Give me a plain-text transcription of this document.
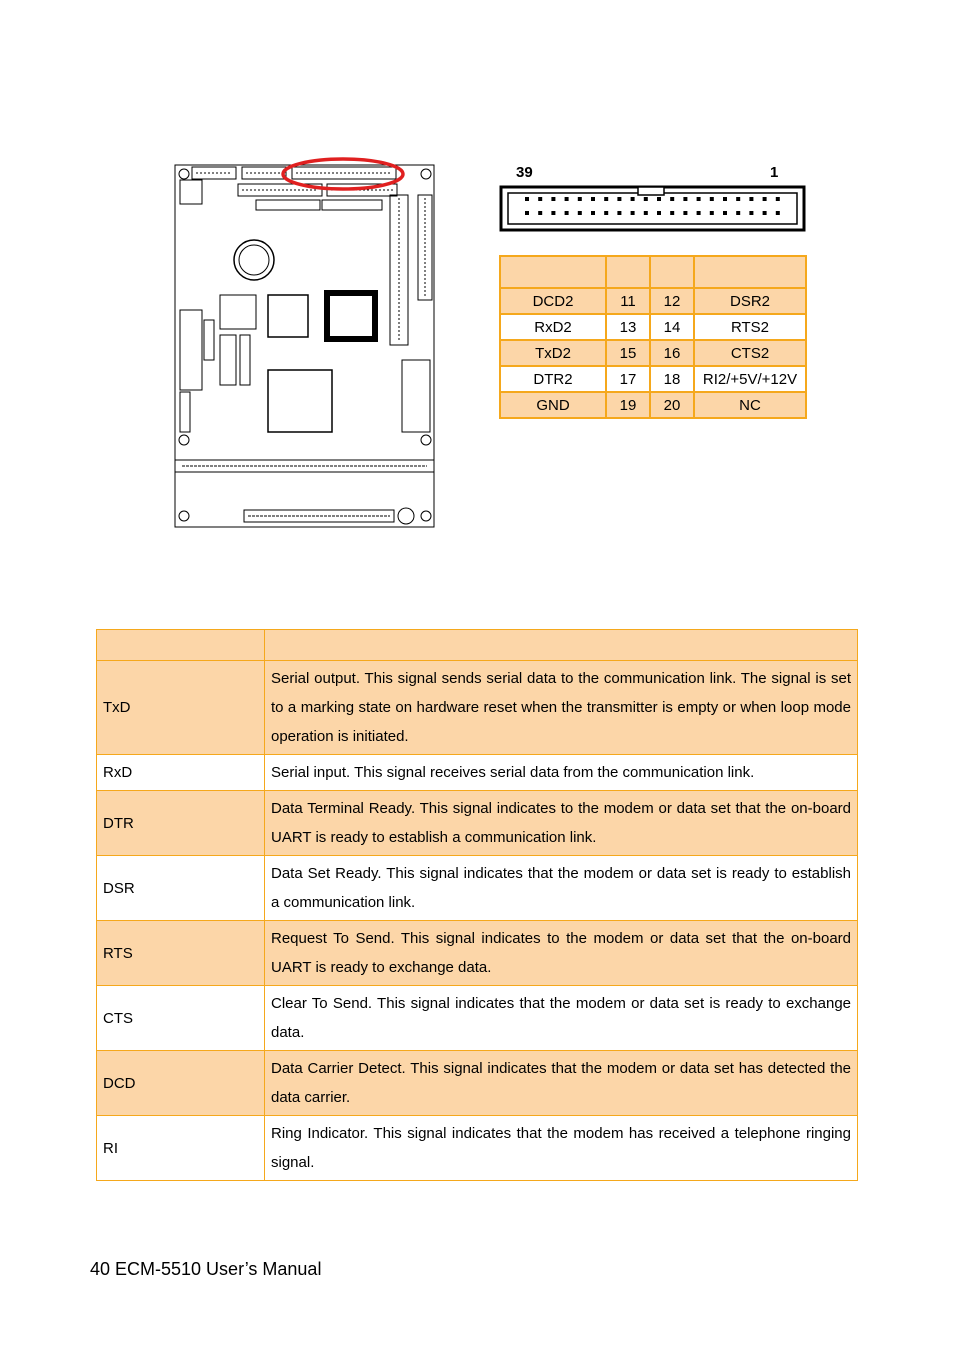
39	1

DCD2	11	12	DSR2
RxD2	13	14	RTS2
TxD2	15	16	CTS2
DTR2	17	18	RI2/+5V/+12V
GND	19	20	NC

TxD	Serial output. This signal sends serial data to the communication link. The signal is set to a marking state on hardware reset when the transmitter is empty or when loop mode operation is initiated.
RxD	Serial input. This signal receives serial data from the communication link.
DTR	Data Terminal Ready. This signal indicates to the modem or data set that the on-board UART is ready to establish a communication link.
DSR	Data Set Ready. This signal indicates that the modem or data set is ready to establish a communication link.
RTS	Request To Send. This signal indicates to the modem or data set that the on-board UART is ready to exchange data.
CTS	Clear To Send. This signal indicates that the modem or data set is ready to exchange data.
DCD	Data Carrier Detect. This signal indicates that the modem or data set has detected the data carrier.
RI	Ring Indicator. This signal indicates that the modem has received a telephone ringing signal.
40 ECM-5510 User’s Manual
